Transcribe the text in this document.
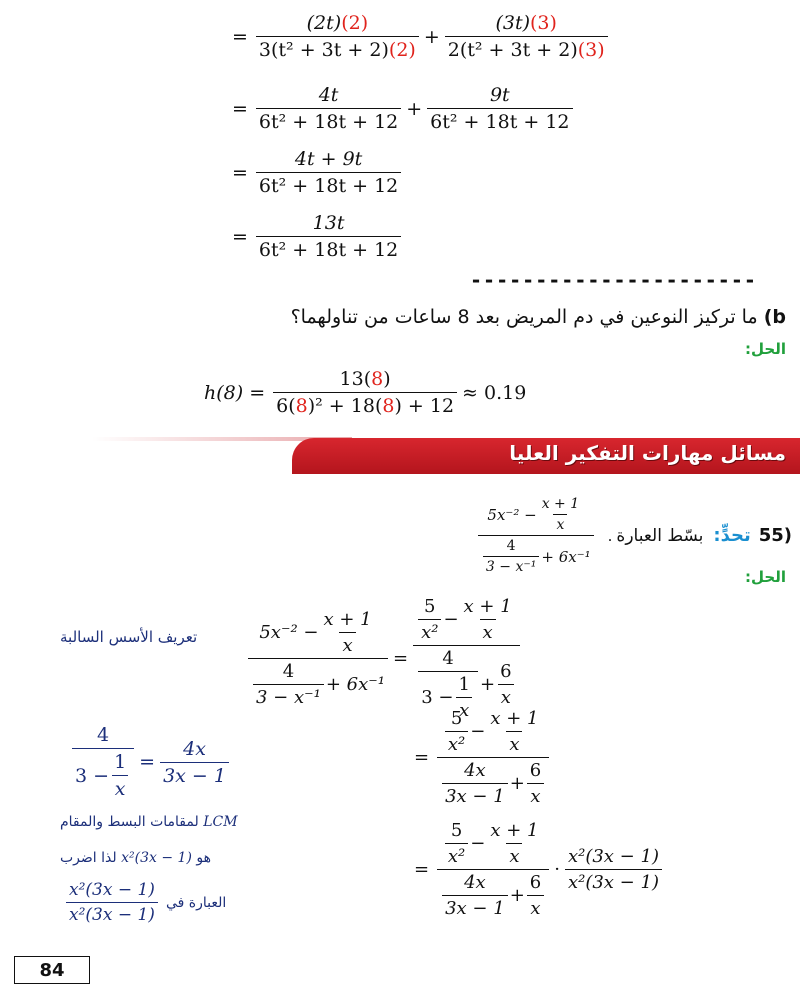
= $\frac{(2t)(2)}{\text{3(t² + 3t + 2)(2)}} + \frac{(3t)(3)}{\text{2(t² + 3t + 2)(3)}}$
= $\frac{4t}{\text{6t² + 18t + 12}} + \frac{9t}{\text{6t² + 18t + 12}}$
= $\frac{4t + 9t}{\text{6t² + 18t + 12}}$
= $\frac{13t}{\text{6t² + 18t + 12}}$
----------------------
b) ما تركيز النوعين في دم المريض بعد 8 ساعات من تناولهما؟
الحل:
$h(8) = \frac{13(8)}{\text{6(8)² + 18(8) + 12}} \approx 0.19$
مسائل مهارات التفكير العليا
55)
تحدٍّ:
بسّط العبارة
$\frac{5x^{-2} - \frac{x + 1}{x}}{\frac{4}{\text{3 − x⁻¹}} + 6x^{-1}}$ .
الحل:
تعريف الأسس السالبة	$\frac{5x^{-2} - \frac{x + 1}{x}}{\frac{4}{\text{3 − x⁻¹}} + 6x^{-1}} = \frac{\frac{5}{\text{x²}} - \frac{x + 1}{x}}{\frac{4}{3 - \frac{1}{x}} + \frac{6}{x}}$
$\frac{4}{3 - \frac{1}{x}} = \frac{4x}{3x - 1}$	= $\frac{\frac{5}{\text{x²}} - \frac{x + 1}{x}}{\frac{4x}{3x - 1} + \frac{6}{x}}$
LCM لمقامات البسط والمقام
هو (1 − 3x)x² لذا اضرب
$\frac{\text{x²(3x − 1)}}{\text{x²(3x − 1)}}$ العبارة في
= $\frac{\frac{5}{\text{x²}} - \frac{x + 1}{x}}{\frac{4x}{3x - 1} + \frac{6}{x}} \cdot \frac{\text{x²(3x − 1)}}{\text{x²(3x − 1)}}$
84
